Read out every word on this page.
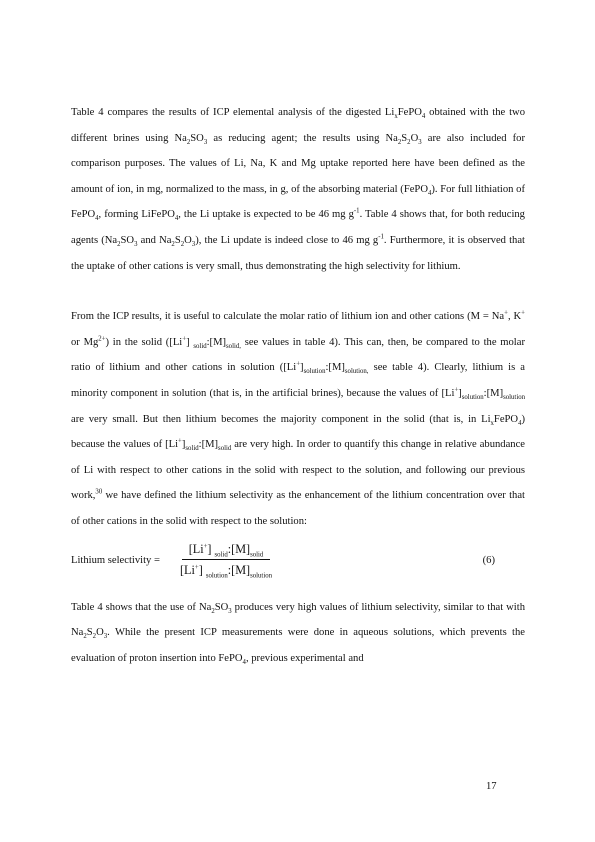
Table 4 compares the results of ICP elemental analysis of the digested $Li_xFePO_4$ obtained with the two different brines using $Na_2SO_3$ as reducing agent; the results using $Na_2S_2O_3$ are also included for comparison purposes. The values of Li, Na, K and Mg uptake reported here have been defined as the amount of ion, in mg, normalized to the mass, in g, of the absorbing material (FePO$_4$). For full lithiation of FePO$_4$, forming LiFePO$_4$, the Li uptake is expected to be 46 mg $g^{-1}$. Table 4 shows that, for both reducing agents ($Na_2SO_3$ and $Na_2S_2O_3$), the Li update is indeed close to 46 mg $g^{-1}$. Furthermore, it is observed that the uptake of other cations is very small, thus demonstrating the high selectivity for lithium.

From the ICP results, it is useful to calculate the molar ratio of lithium ion and other cations (M = Na+, K+ or $Mg^{2+}$) in the solid ([Li+] $_{solid}:[M]_{solid,}$ see values in table 4). This can, then, be compared to the molar ratio of lithium and other cations in solution ($[Li^+]_{solution}:[M]_{solution,}$ see table 4). Clearly, lithium is a minority component in solution (that is, in the artificial brines), because the values of $[Li^+]_{solution}:[M]_{solution}$ are very small. But then lithium becomes the majority component in the solid (that is, in $Li_xFePO_4$) because the values of $[Li^+]_{solid}:[M]_{solid}$ are very high. In order to quantify this change in relative abundance of Li with respect to other cations in the solid with respect to the solution, and following our previous work,$^{30}$ we have defined the lithium selectivity as the enhancement of the lithium concentration over that of other cations in the solid with respect to the solution:

Lithium selectivity =
[Li+] $_{solid}:[M]_{solid}$
[Li+] $_{solution}:[M]_{solution}$
(6)

Table 4 shows that the use of $Na_2SO_3$ produces very high values of lithium selectivity, similar to that with $Na_2S_2O_3$. While the present ICP measurements were done in aqueous solutions, which prevents the evaluation of proton insertion into FePO$_4$, previous experimental and

17
